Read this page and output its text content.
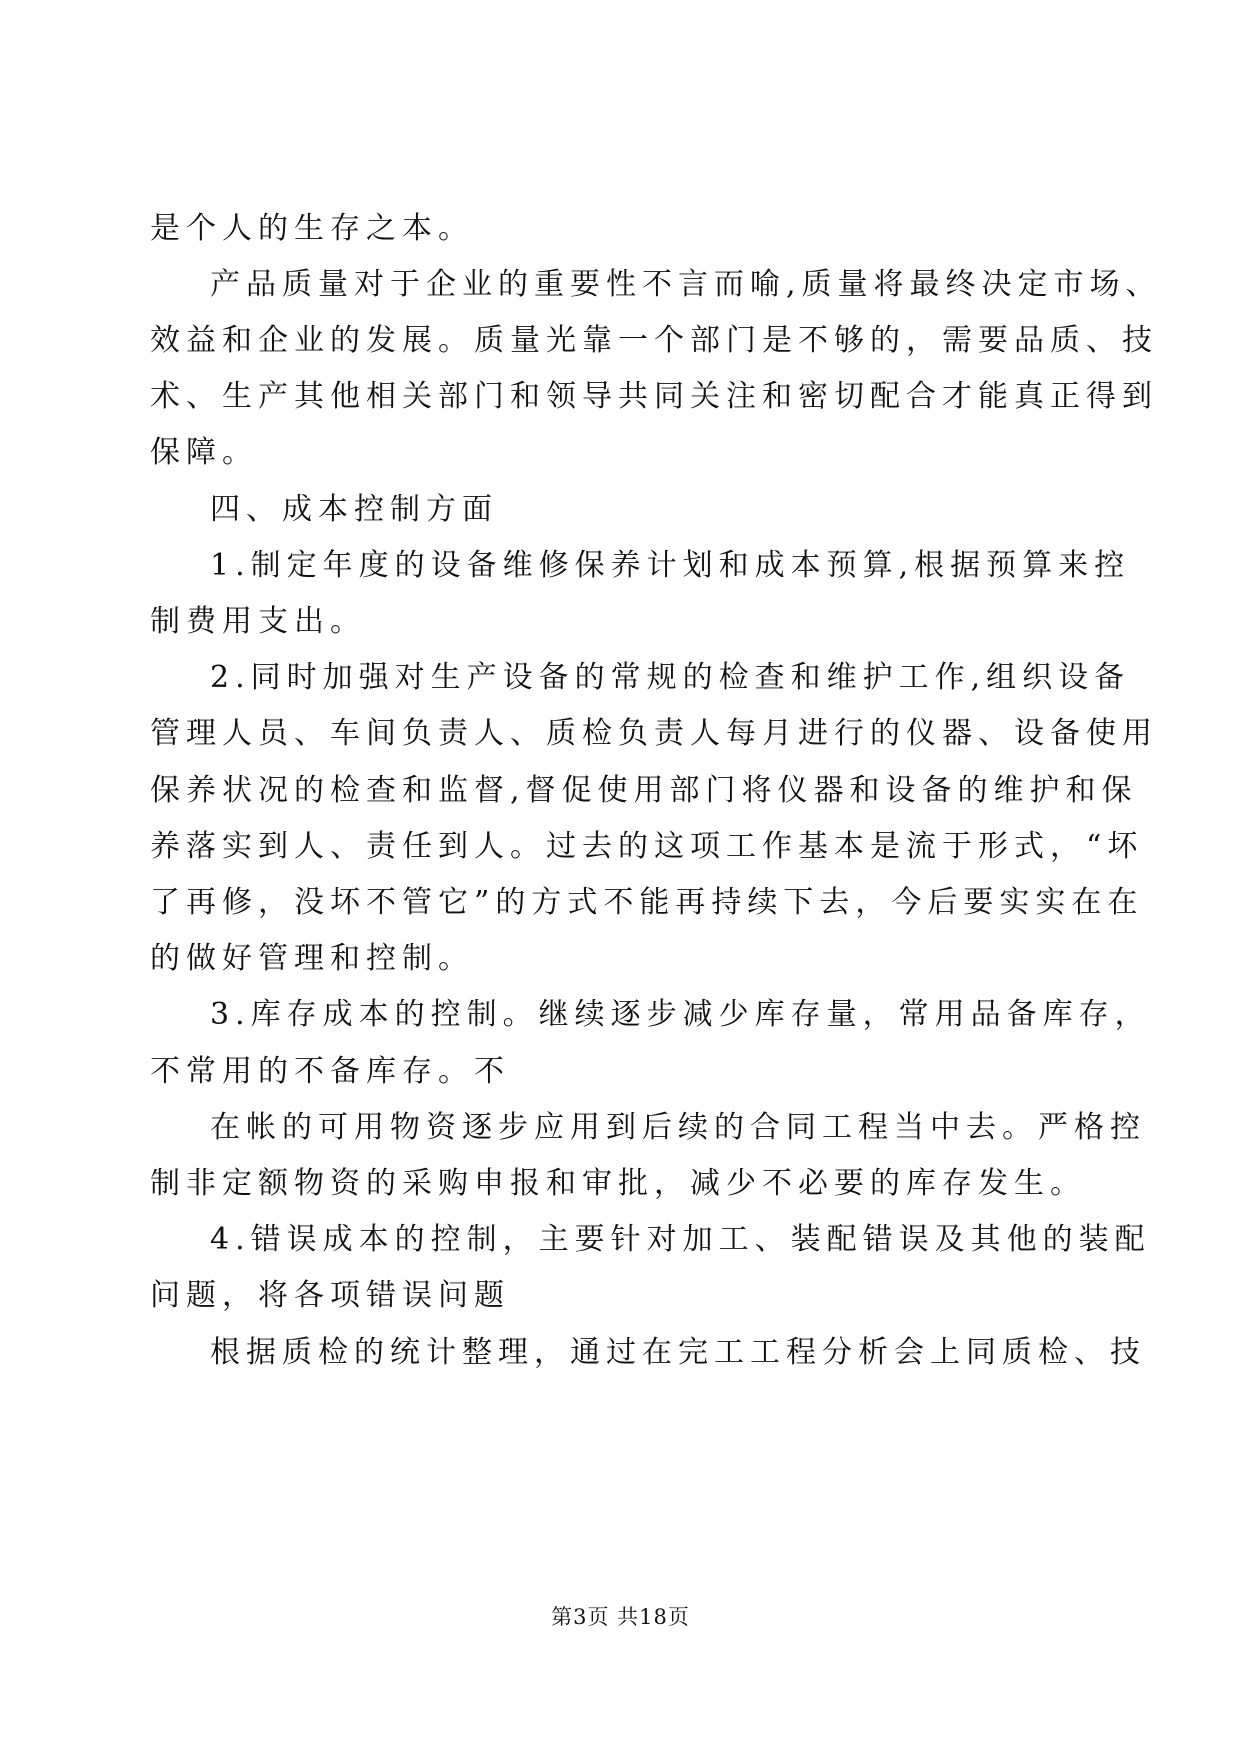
是个人的生存之本。
产品质量对于企业的重要性不言而喻,质量将最终决定市场、
效益和企业的发展。质量光靠一个部门是不够的，需要品质、技
术、生产其他相关部门和领导共同关注和密切配合才能真正得到
保障。
四、成本控制方面
1.制定年度的设备维修保养计划和成本预算,根据预算来控
制费用支出。
2.同时加强对生产设备的常规的检查和维护工作,组织设备
管理人员、车间负责人、质检负责人每月进行的仪器、设备使用
保养状况的检查和监督,督促使用部门将仪器和设备的维护和保
养落实到人、责任到人。过去的这项工作基本是流于形式，“坏
了再修，没坏不管它”的方式不能再持续下去，今后要实实在在
的做好管理和控制。
3.库存成本的控制。继续逐步减少库存量，常用品备库存，
不常用的不备库存。不
在帐的可用物资逐步应用到后续的合同工程当中去。严格控
制非定额物资的采购申报和审批，减少不必要的库存发生。
4.错误成本的控制，主要针对加工、装配错误及其他的装配
问题，将各项错误问题
根据质检的统计整理，通过在完工工程分析会上同质检、技
第3页 共18页
